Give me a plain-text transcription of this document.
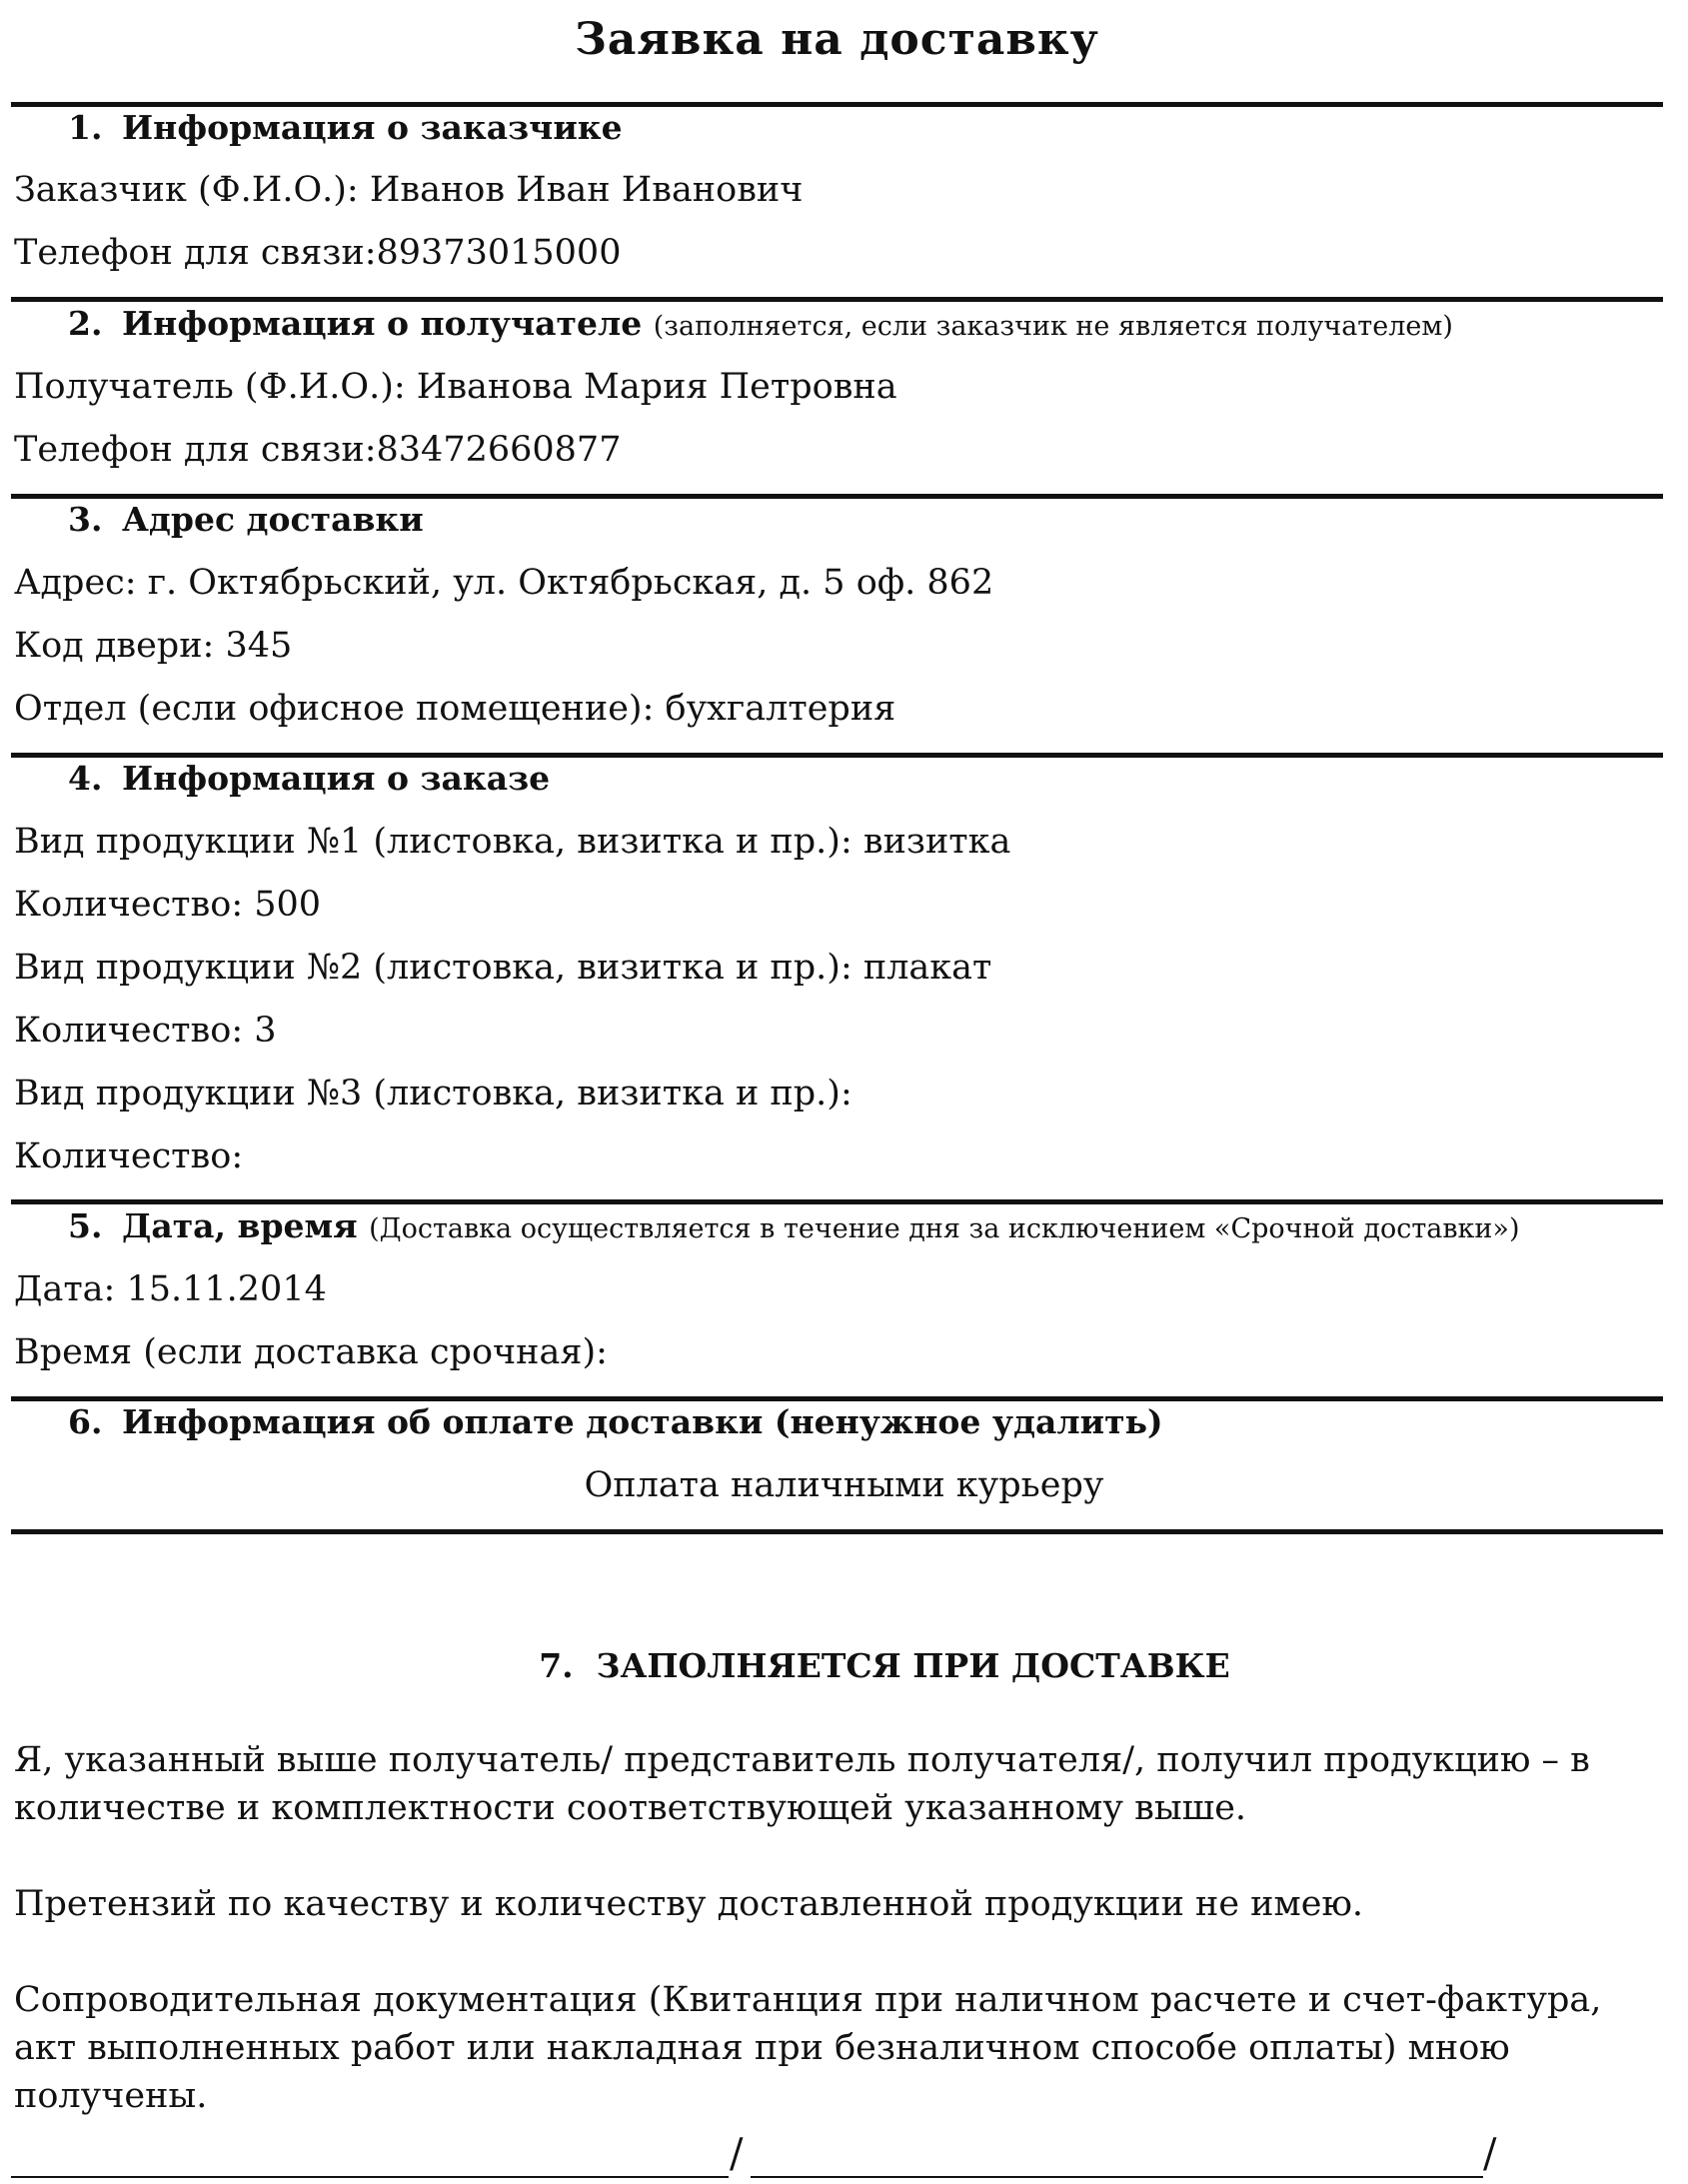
Заявка на доставку
1. Информация о заказчике
Заказчик (Ф.И.О.): Иванов Иван Иванович
Телефон для связи:89373015000
2. Информация о получателе (заполняется, если заказчик не является получателем)
Получатель (Ф.И.О.): Иванова Мария Петровна
Телефон для связи:83472660877
3. Адрес доставки
Адрес: г. Октябрьский, ул. Октябрьская, д. 5 оф. 862
Код двери: 345
Отдел (если офисное помещение): бухгалтерия
4. Информация о заказе
Вид продукции №1 (листовка, визитка и пр.): визитка
Количество: 500
Вид продукции №2 (листовка, визитка и пр.): плакат
Количество: 3
Вид продукции №3 (листовка, визитка и пр.):
Количество:
5. Дата, время (Доставка осуществляется в течение дня за исключением «Срочной доставки»)
Дата: 15.11.2014
Время (если доставка срочная):
6. Информация об оплате доставки (ненужное удалить)
Оплата наличными курьеру
7. ЗАПОЛНЯЕТСЯ ПРИ ДОСТАВКЕ
Я, указанный выше получатель/ представитель получателя/, получил продукцию – в количестве и комплектности соответствующей указанному выше.
Претензий по качеству и количеству доставленной продукции не имею.
Сопроводительная документация (Квитанция при наличном расчете и счет-фактура, акт выполненных работ или накладная при безналичном способе оплаты) мною получены.
/	/
